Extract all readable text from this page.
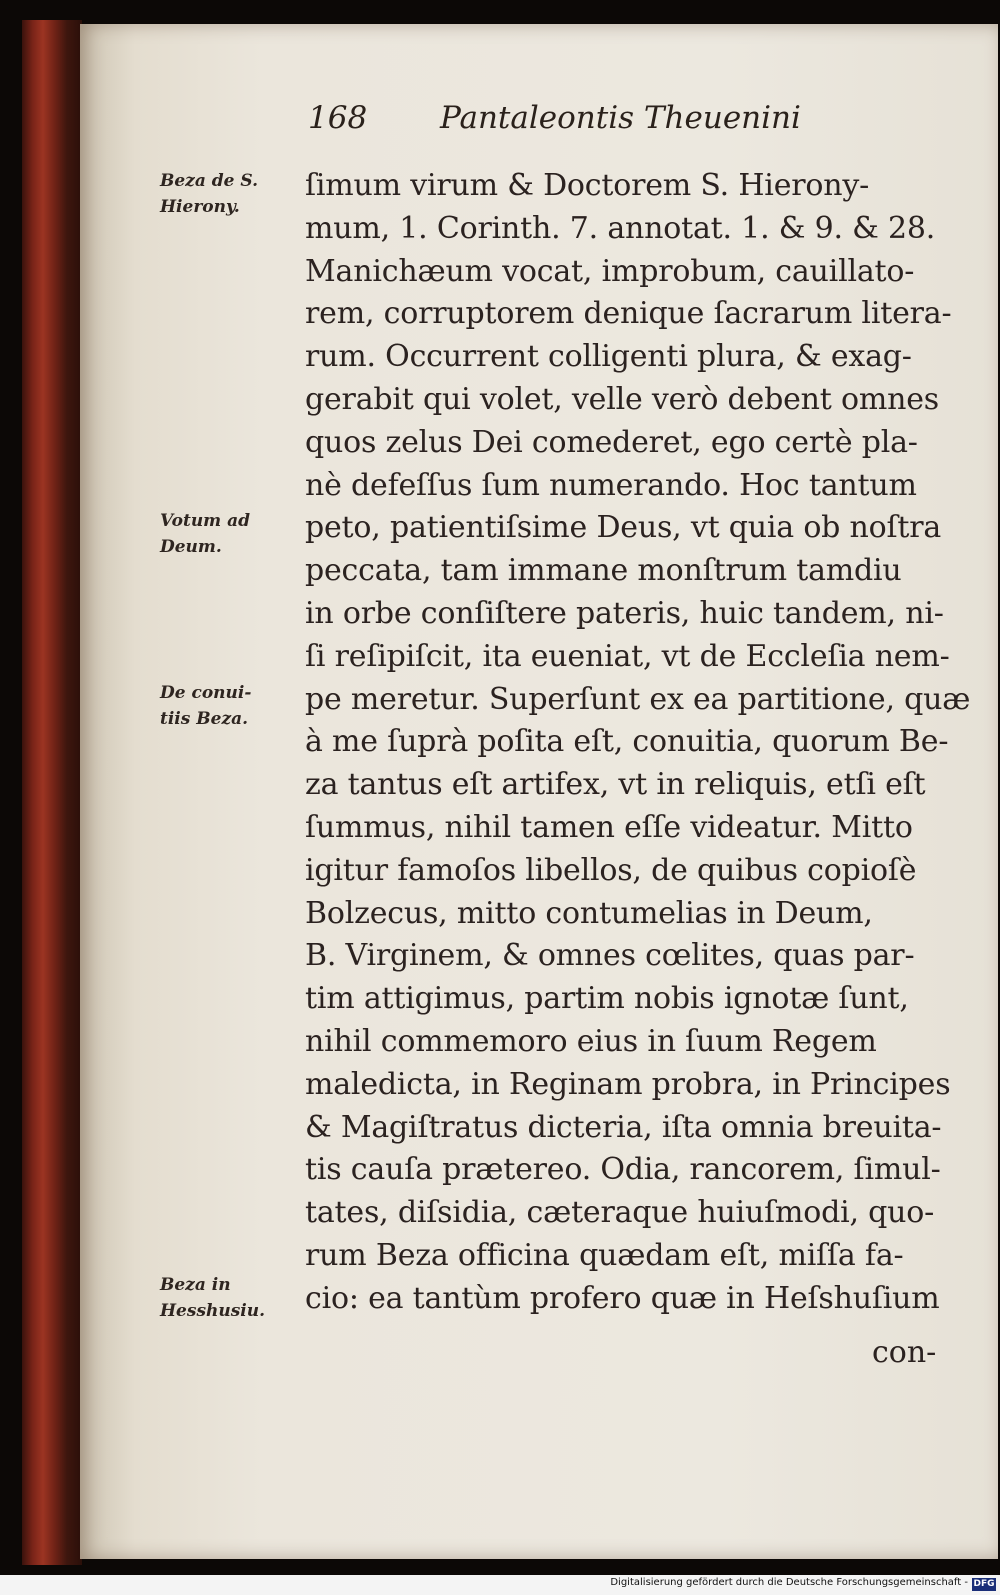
168 Pantaleontis Theuenini
Beza de S.
Hierony.
Votum ad
Deum.
De conui-
tiis Beza.
Beza in
Hesshusiu.
ſimum virum & Doctorem S. Hierony-
mum, 1. Corinth. 7. annotat. 1. & 9. & 28.
Manichæum vocat, improbum, cauillato-
rem, corruptorem denique ſacrarum litera-
rum. Occurrent colligenti plura, & exag-
gerabit qui volet, velle verò debent omnes
quos zelus Dei comederet, ego certè pla-
nè defeſſus ſum numerando. Hoc tantum
peto, patientiſsime Deus, vt quia ob noſtra
peccata, tam immane monſtrum tamdiu
in orbe conſiſtere pateris, huic tandem, ni-
ſi reſipiſcit, ita eueniat, vt de Eccleſia nem-
pe meretur. Superſunt ex ea partitione, quæ
à me ſuprà poſita eſt, conuitia, quorum Be-
za tantus eſt artifex, vt in reliquis, etſi eſt
ſummus, nihil tamen eſſe videatur. Mitto
igitur famoſos libellos, de quibus copioſè
Bolzecus, mitto contumelias in Deum,
B. Virginem, & omnes cœlites, quas par-
tim attigimus, partim nobis ignotæ ſunt,
nihil commemoro eius in ſuum Regem
maledicta, in Reginam probra, in Principes
& Magiſtratus dicteria, iſta omnia breuita-
tis cauſa prætereo. Odia, rancorem, ſimul-
tates, diſsidia, cæteraque huiuſmodi, quo-
rum Beza officina quædam eſt, miſſa fa-
cio: ea tantùm profero quæ in Heſshuſium
con-
Digitalisierung gefördert durch die Deutsche Forschungsgemeinschaft - DFG
